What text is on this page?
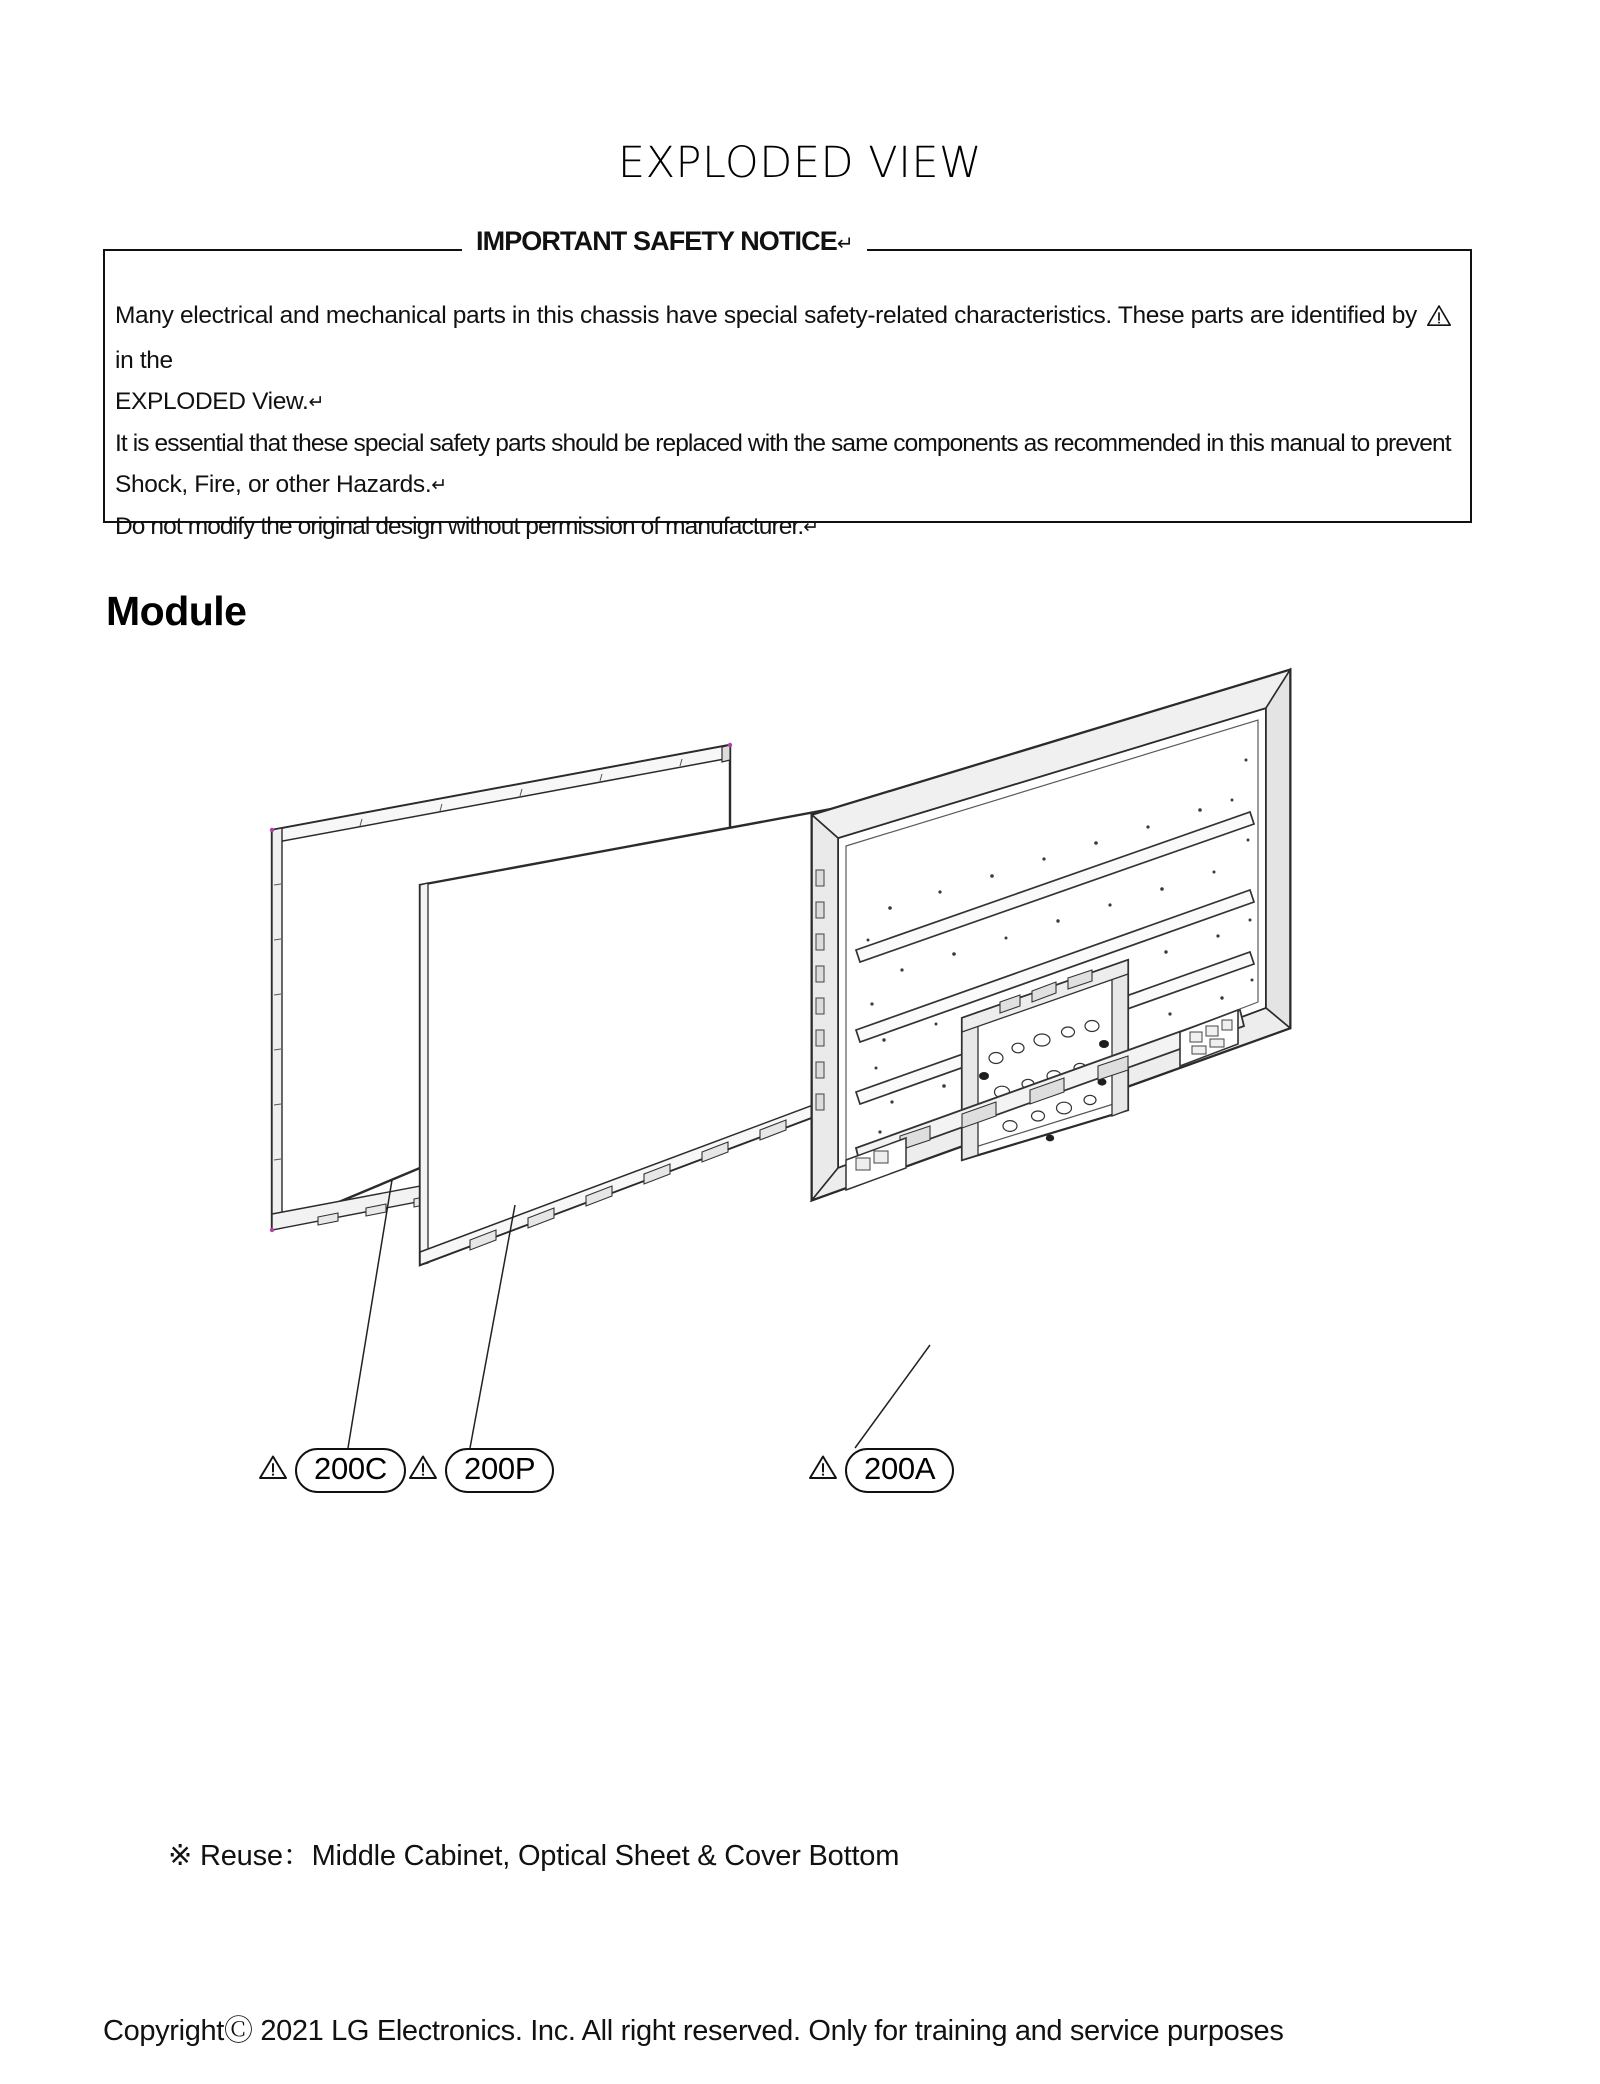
EXPLODED VIEW
IMPORTANT SAFETY NOTICE↵

Many electrical and mechanical parts in this chassis have special safety-related characteristics. These parts are identified by  in the

EXPLODED View.↵

It is essential that these special safety parts should be replaced with the same components as recommended in this manual to prevent

Shock, Fire, or other Hazards.↵

Do not modify the original design without permission of manufacturer.↵

Module
200C	200P	200A
※ Reuse：Middle Cabinet, Optical Sheet & Cover Bottom
CopyrightⒸ 2021 LG Electronics. Inc. All right reserved. Only for training and service purposes
